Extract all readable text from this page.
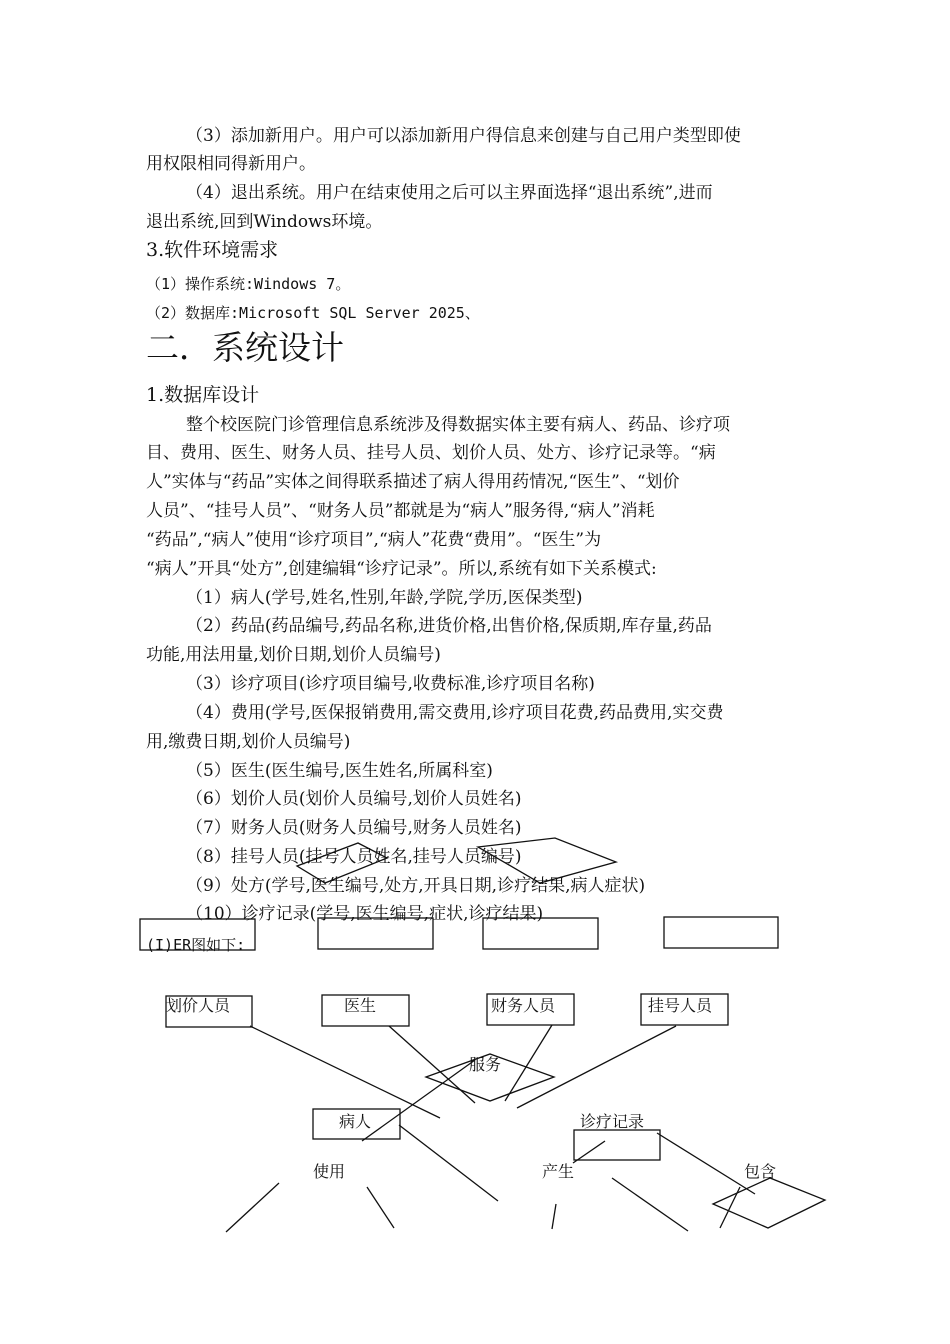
（3）添加新用户。用户可以添加新用户得信息来创建与自己用户类型即使
用权限相同得新用户。
（4）退出系统。用户在结束使用之后可以主界面选择“退出系统”,进而
退出系统,回到Windows环境。
3.软件环境需求
（1）操作系统:Windows 7。
（2）数据库:Microsoft SQL Server 2025、
二．系统设计
1.数据库设计
整个校医院门诊管理信息系统涉及得数据实体主要有病人、药品、诊疗项
目、费用、医生、财务人员、挂号人员、划价人员、处方、诊疗记录等。“病
人”实体与“药品”实体之间得联系描述了病人得用药情况,“医生”、“划价
人员”、“挂号人员”、“财务人员”都就是为“病人”服务得,“病人”消耗
“药品”,“病人”使用“诊疗项目”,“病人”花费“费用”。“医生”为
“病人”开具“处方”,创建编辑“诊疗记录”。所以,系统有如下关系模式:
（1）病人(学号,姓名,性别,年龄,学院,学历,医保类型)
（2）药品(药品编号,药品名称,进货价格,出售价格,保质期,库存量,药品
功能,用法用量,划价日期,划价人员编号)
（3）诊疗项目(诊疗项目编号,收费标准,诊疗项目名称)
（4）费用(学号,医保报销费用,需交费用,诊疗项目花费,药品费用,实交费
用,缴费日期,划价人员编号)
（5）医生(医生编号,医生姓名,所属科室)
（6）划价人员(划价人员编号,划价人员姓名)
（7）财务人员(财务人员编号,财务人员姓名)
（8）挂号人员(挂号人员姓名,挂号人员编号)
（9）处方(学号,医生编号,处方,开具日期,诊疗结果,病人症状)
（10）诊疗记录(学号,医生编号,症状,诊疗结果)
(I)ER图如下:
划价人员	医生	财务人员	挂号人员
服务
病人	诊疗记录
使用	产生	包含
